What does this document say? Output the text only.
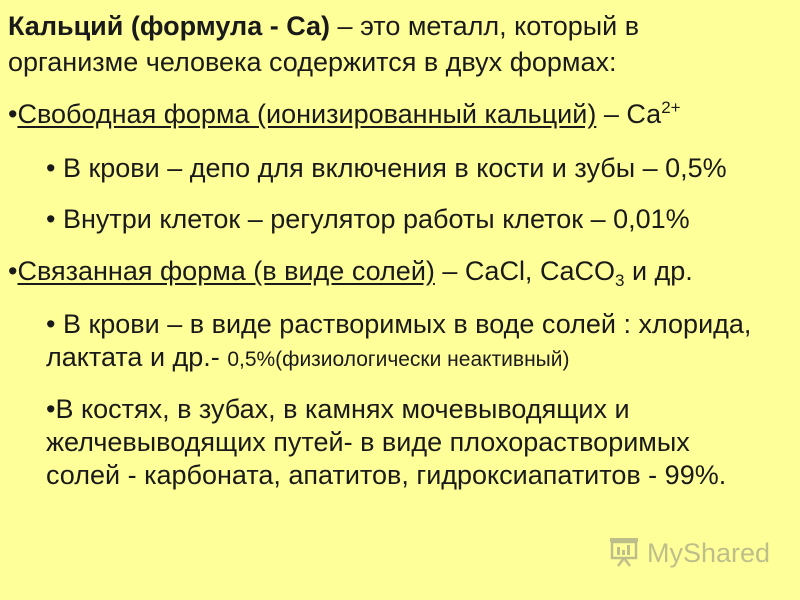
Кальций (формула - Са) – это металл, который в
организме человека содержится в двух формах:
•Свободная форма (ионизированный кальций) – $Са^{2+}$
• В крови – депо для включения в кости и зубы – 0,5%
• Внутри клеток – регулятор работы клеток – 0,01%
•Связанная форма (в виде солей) – CaCl, CaCO$_3$ и др.
• В крови – в виде растворимых в воде солей : хлорида,
лактата и др.- 0,5%(физиологически неактивный)
•В костях, в зубах, в камнях мочевыводящих и
желчевыводящих путей- в виде плохорастворимых
солей - карбоната, апатитов, гидроксиапатитов - 99%.
MyShared
